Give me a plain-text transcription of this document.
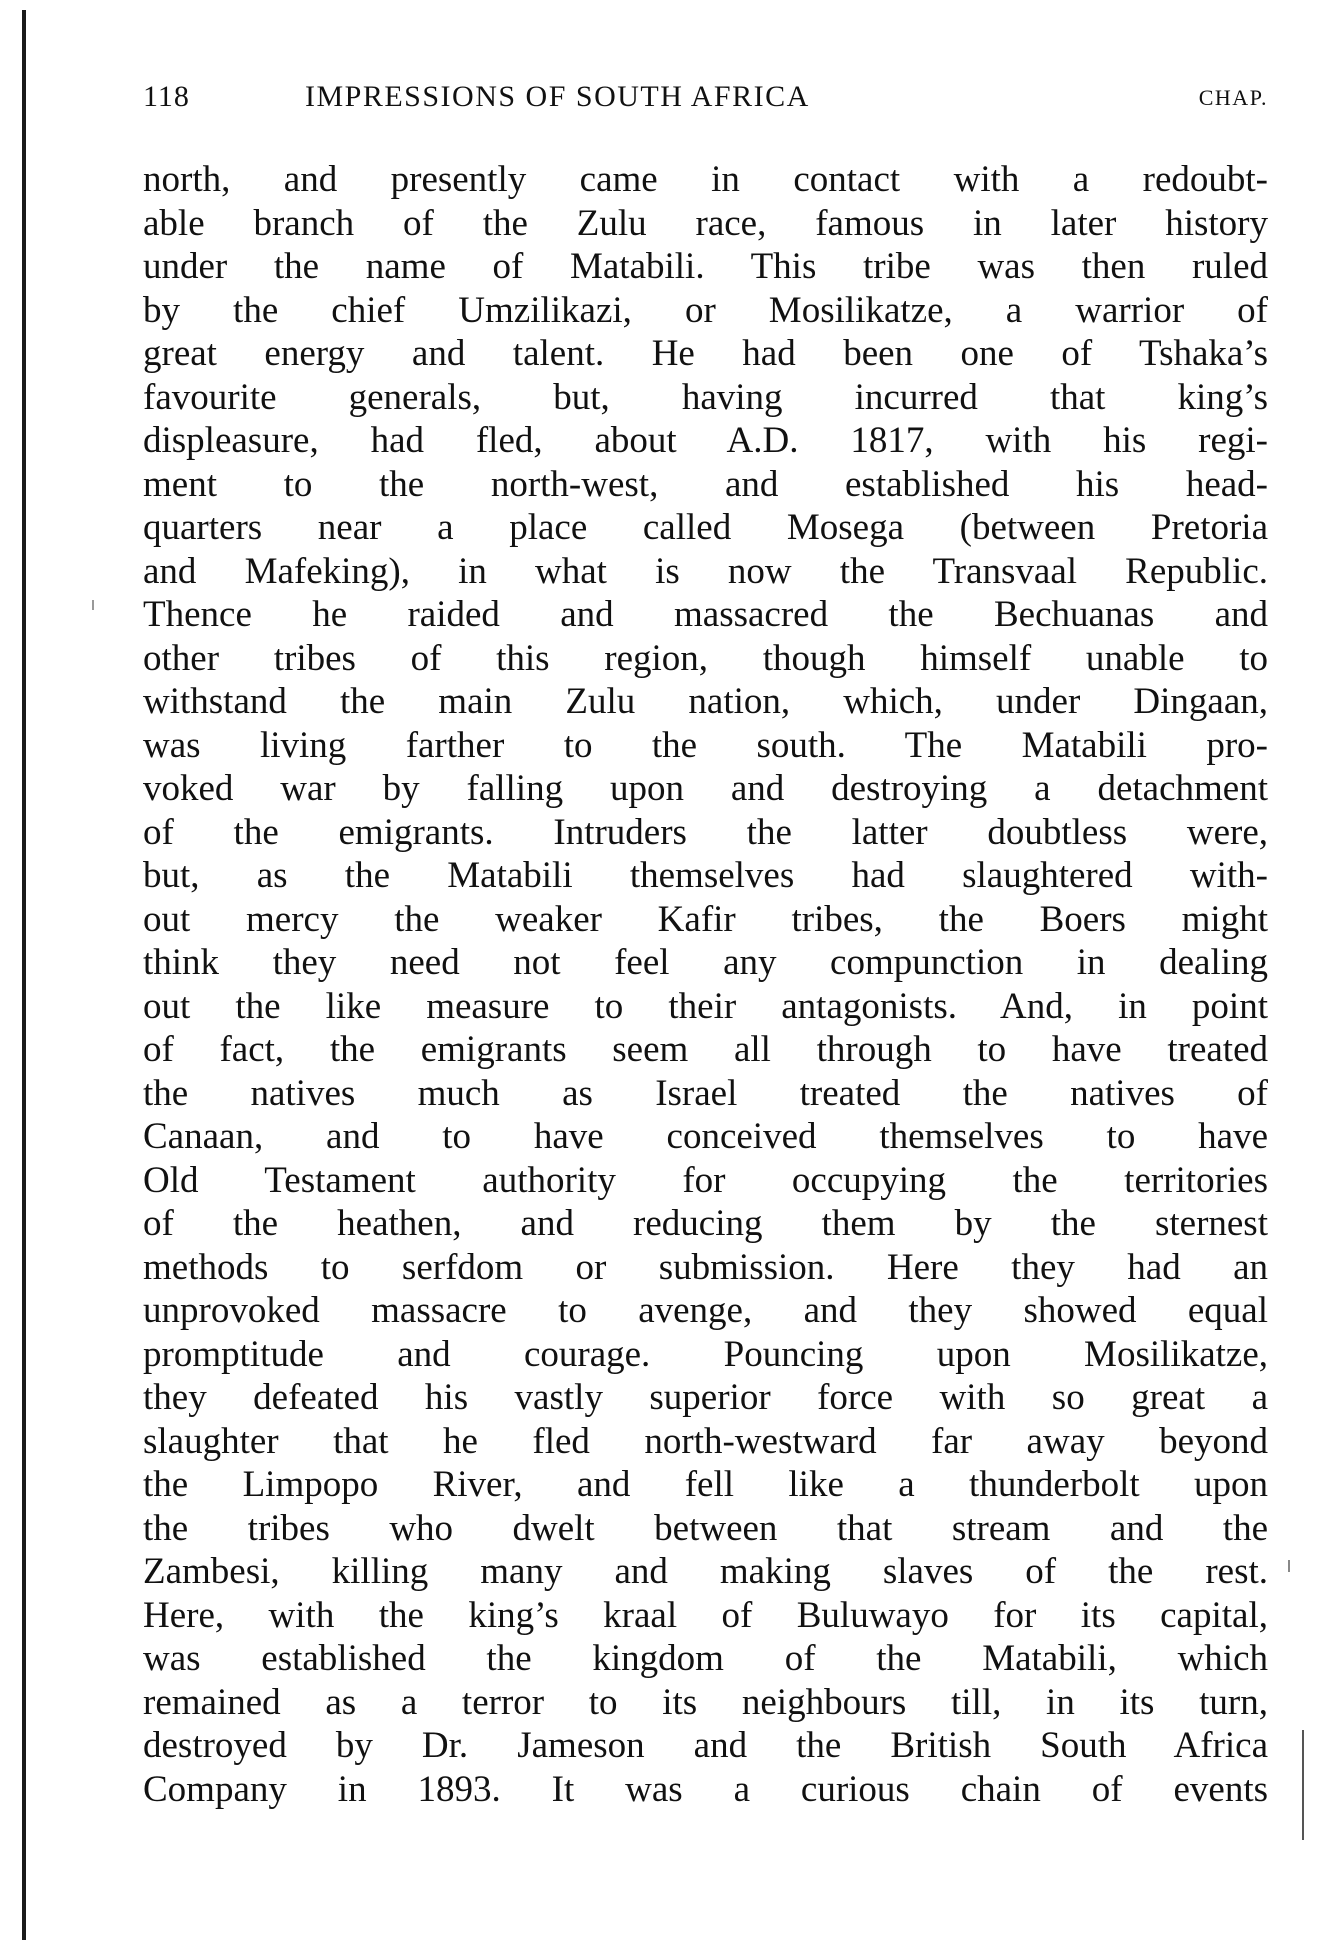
118	IMPRESSIONS OF SOUTH AFRICA	CHAP.
north, and presently came in contact with a redoubt-
able branch of the Zulu race, famous in later history
under the name of Matabili. This tribe was then ruled
by the chief Umzilikazi, or Mosilikatze, a warrior of
great energy and talent. He had been one of Tshaka’s
favourite generals, but, having incurred that king’s
displeasure, had fled, about A.D. 1817, with his regi-
ment to the north-west, and established his head-
quarters near a place called Mosega (between Pretoria
and Mafeking), in what is now the Transvaal Republic.
Thence he raided and massacred the Bechuanas and
other tribes of this region, though himself unable to
withstand the main Zulu nation, which, under Dingaan,
was living farther to the south. The Matabili pro-
voked war by falling upon and destroying a detachment
of the emigrants. Intruders the latter doubtless were,
but, as the Matabili themselves had slaughtered with-
out mercy the weaker Kafir tribes, the Boers might
think they need not feel any compunction in dealing
out the like measure to their antagonists. And, in point
of fact, the emigrants seem all through to have treated
the natives much as Israel treated the natives of
Canaan, and to have conceived themselves to have
Old Testament authority for occupying the territories
of the heathen, and reducing them by the sternest
methods to serfdom or submission. Here they had an
unprovoked massacre to avenge, and they showed equal
promptitude and courage. Pouncing upon Mosilikatze,
they defeated his vastly superior force with so great a
slaughter that he fled north-westward far away beyond
the Limpopo River, and fell like a thunderbolt upon
the tribes who dwelt between that stream and the
Zambesi, killing many and making slaves of the rest.
Here, with the king’s kraal of Buluwayo for its capital,
was established the kingdom of the Matabili, which
remained as a terror to its neighbours till, in its turn,
destroyed by Dr. Jameson and the British South Africa
Company in 1893. It was a curious chain of events
